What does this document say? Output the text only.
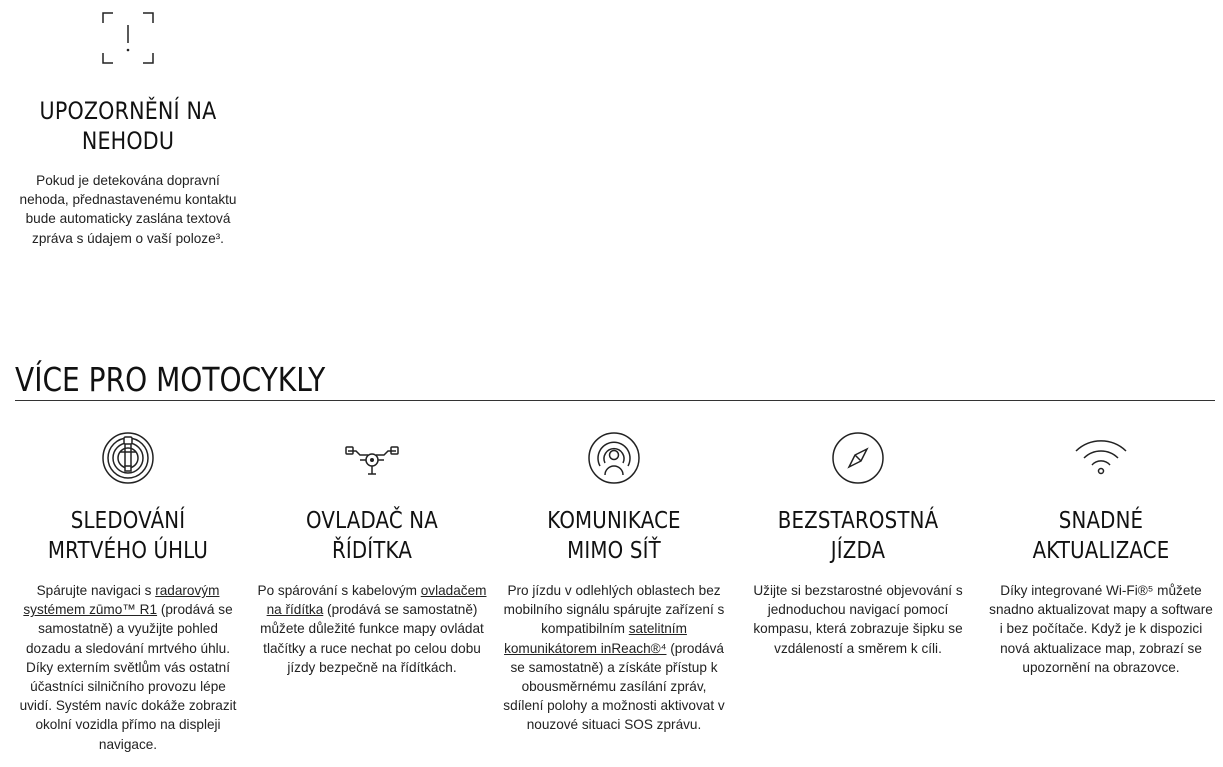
UPOZORNĚNÍ NA NEHODU

Pokud je detekována dopravní nehoda, přednastavenému kontaktu bude automaticky zaslána textová zpráva s údajem o vaší poloze³.

VÍCE PRO MOTOCYKLY
SLEDOVÁNÍ MRTVÉHO ÚHLU

Spárujte navigaci s radarovým systémem zūmo™ R1 (prodává se samostatně) a využijte pohled dozadu a sledování mrtvého úhlu. Díky externím světlům vás ostatní účastníci silničního provozu lépe uvidí. Systém navíc dokáže zobrazit okolní vozidla přímo na displeji navigace.

OVLADAČ NA ŘÍDÍTKA

Po spárování s kabelovým ovladačem na řídítka (prodává se samostatně) můžete důležité funkce mapy ovládat tlačítky a ruce nechat po celou dobu jízdy bezpečně na řídítkách.

KOMUNIKACE MIMO SÍŤ

Pro jízdu v odlehlých oblastech bez mobilního signálu spárujte zařízení s kompatibilním satelitním komunikátorem inReach®⁴ (prodává se samostatně) a získáte přístup k obousměrnému zasílání zpráv, sdílení polohy a možnosti aktivovat v nouzové situaci SOS zprávu.

BEZSTAROSTNÁ JÍZDA

Užijte si bezstarostné objevování s jednoduchou navigací pomocí kompasu, která zobrazuje šipku se vzdáleností a směrem k cíli.

SNADNÉ AKTUALIZACE

Díky integrované Wi-Fi®⁵ můžete snadno aktualizovat mapy a software i bez počítače. Když je k dispozici nová aktualizace map, zobrazí se upozornění na obrazovce.
